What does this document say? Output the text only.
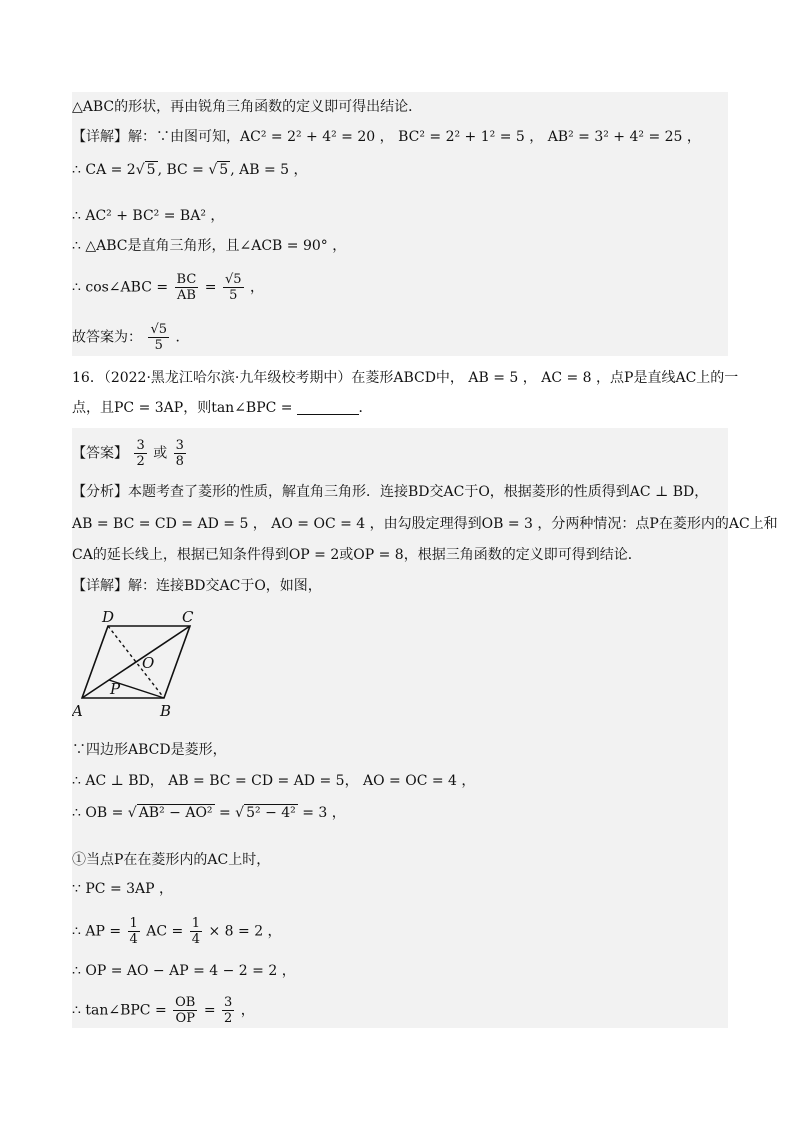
△ABC的形状，再由锐角三角函数的定义即可得出结论．
【详解】解：∵由图可知，AC² = 2² + 4² = 20 ， BC² = 2² + 1² = 5 ， AB² = 3² + 4² = 25 ，
∴ CA = 2√ 5 , BC = √ 5 , AB = 5 ，
∴ AC² + BC² = BA² ，
∴ △ABC是直角三角形，且∠ACB = 90° ，
∴ cos∠ABC = $\frac{BC}{AB} = \frac{√5}{5}$ ，
故答案为： $\frac{√5}{5}$ ．
16．（2022·黑龙江哈尔滨·九年级校考期中）在菱形ABCD中， AB = 5 ， AC = 8 ，点P是直线AC上的一
点，且PC = 3AP，则tan∠BPC =	．
【答案】 $\frac{3}{2}$ 或 $\frac{3}{8}$
【分析】本题考查了菱形的性质，解直角三角形．连接BD交AC于O，根据菱形的性质得到AC ⊥ BD，
AB = BC = CD = AD = 5 ， AO = OC = 4 ，由勾股定理得到OB = 3 ，分两种情况：点P在菱形内的AC上和
CA的延长线上，根据已知条件得到OP = 2或OP = 8，根据三角函数的定义即可得到结论．
【详解】解：连接BD交AC于O，如图，
D	C
O
P
A	B
∵四边形ABCD是菱形，
∴ AC ⊥ BD， AB = BC = CD = AD = 5， AO = OC = 4 ，
∴ OB = √ AB² − AO² = √ 5² − 4² = 3 ，
①当点P在在菱形内的AC上时，
∵ PC = 3AP ，
∴ AP = $\frac{1}{4}$ AC = $\frac{1}{4} \times 8 = 2$ ，
∴ OP = AO − AP = 4 − 2 = 2 ，
∴ tan∠BPC = $\frac{OB}{OP} = \frac{3}{2}$ ，
